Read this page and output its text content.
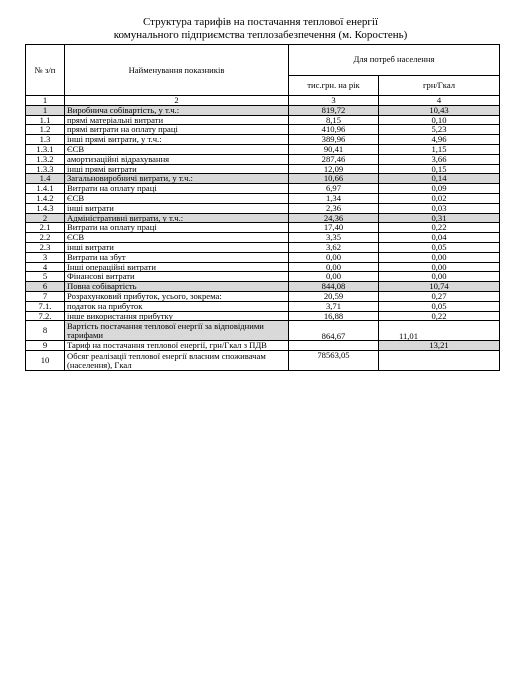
Структура тарифів на постачання теплової енергії
комунального підприємства теплозабезпечення (м. Коростень)
№ з/п	Найменування показників	Для потреб населення	
		тис.грн. на рік	грн/Гкал
1	2	3	4
1	Виробнича собівартість, у т.ч.:	819,72	10,43
1.1	прямі матеріальні витрати	8,15	0,10
1.2	прямі витрати на оплату праці	410,96	5,23
1.3	інші прямі витрати, у т.ч.:	389,96	4,96
1.3.1	ЄСВ	90,41	1,15
1.3.2	амортизаційні відрахування	287,46	3,66
1.3.3	інші прямі витрати	12,09	0,15
1.4	Загальновиробничі витрати, у т.ч.:	10,66	0,14
1.4.1	Витрати на оплату праці	6,97	0,09
1.4.2	ЄСВ	1,34	0,02
1.4.3	інші витрати	2,36	0,03
2	Адміністративні витрати, у т.ч.:	24,36	0,31
2.1	Витрати на оплату праці	17,40	0,22
2.2	ЄСВ	3,35	0,04
2.3	інші витрати	3,62	0,05
3	Витрати на збут	0,00	0,00
4	Інші операційні витрати	0,00	0,00
5	Фінансові витрати	0,00	0,00
6	Повна собівартість	844,08	10,74
7	Розрахунковий прибуток, усього, зокрема:	20,59	0,27
7.1.	податок на прибуток	3,71	0,05
7.2.	інше використання прибутку	16,88	0,22
8	Вартість постачання теплової енергії за відповідними тарифами	864,67	11,01
9	Тариф на постачання теплової енергії, грн/Гкал з ПДВ		13,21
10	Обсяг реалізації теплової енергії власним споживачам (населення), Гкал	78563,05	
